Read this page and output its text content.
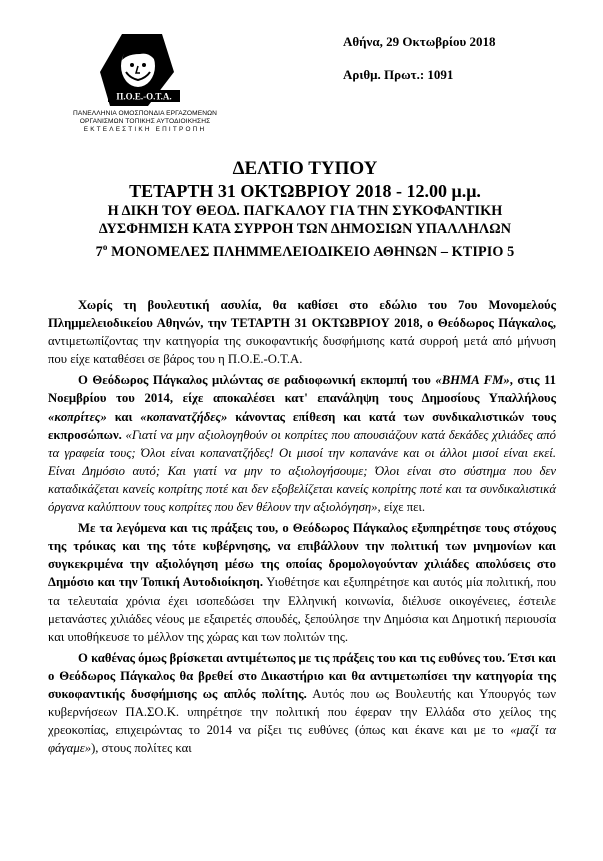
Π.Ο.Ε.-Ο.Τ.Α.
ΠΑΝΕΛΛΗΝΙΑ ΟΜΟΣΠΟΝΔΙΑ ΕΡΓΑΖΟΜΕΝΩΝ
ΟΡΓΑΝΙΣΜΩΝ ΤΟΠΙΚΗΣ ΑΥΤΟΔΙΟΙΚΗΣΗΣ
ΕΚΤΕΛΕΣΤΙΚΗ ΕΠΙΤΡΟΠΗ
Αθήνα, 29 Οκτωβρίου 2018
Αριθμ. Πρωτ.: 1091
ΔΕΛΤΙΟ ΤΥΠΟΥ
ΤΕΤΑΡΤΗ 31 ΟΚΤΩΒΡΙΟΥ 2018 - 12.00 μ.μ.
Η ΔΙΚΗ ΤΟΥ ΘΕΟΔ. ΠΑΓΚΑΛΟΥ ΓΙΑ ΤΗΝ ΣΥΚΟΦΑΝΤΙΚΗ
ΔΥΣΦΗΜΙΣΗ ΚΑΤΑ ΣΥΡΡΟΗ ΤΩΝ ΔΗΜΟΣΙΩΝ ΥΠΑΛΛΗΛΩΝ
$7^o$ ΜΟΝΟΜΕΛΕΣ ΠΛΗΜΜΕΛΕΙΟΔΙΚΕΙΟ ΑΘΗΝΩΝ – ΚΤΙΡΙΟ 5

Χωρίς τη βουλευτική ασυλία, θα καθίσει στο εδώλιο του 7ου Μονομελούς Πλημμελειοδικείου Αθηνών, την ΤΕΤΑΡΤΗ 31 ΟΚΤΩΒΡΙΟΥ 2018, ο Θεόδωρος Πάγκαλος, αντιμετωπίζοντας την κατηγορία της συκοφαντικής δυσφήμισης κατά συρροή μετά από μήνυση που είχε καταθέσει σε βάρος του η Π.Ο.Ε.-Ο.Τ.Α.

Ο Θεόδωρος Πάγκαλος μιλώντας σε ραδιοφωνική εκπομπή του «ΒΗΜΑ FM», στις 11 Νοεμβρίου του 2014, είχε αποκαλέσει κατ' επανάληψη τους Δημοσίους Υπαλλήλους «κοπρίτες» και «κοπανατζήδες» κάνοντας επίθεση και κατά των συνδικαλιστικών τους εκπροσώπων. «Γιατί να μην αξιολογηθούν οι κοπρίτες που απουσιάζουν κατά δεκάδες χιλιάδες από τα γραφεία τους; Όλοι είναι κοπανατζήδες! Οι μισοί την κοπανάνε και οι άλλοι μισοί είναι εκεί. Είναι Δημόσιο αυτό; Και γιατί να μην το αξιολογήσουμε; Όλοι είναι στο σύστημα που δεν καταδικάζεται κανείς κοπρίτης ποτέ και δεν εξοβελίζεται κανείς κοπρίτης ποτέ και τα συνδικαλιστικά όργανα καλύπτουν τους κοπρίτες που δεν θέλουν την αξιολόγηση», είχε πει.

Με τα λεγόμενα και τις πράξεις του, ο Θεόδωρος Πάγκαλος εξυπηρέτησε τους στόχους της τρόικας και της τότε κυβέρνησης, να επιβάλλουν την πολιτική των μνημονίων και συγκεκριμένα την αξιολόγηση μέσω της οποίας δρομολογούνταν χιλιάδες απολύσεις στο Δημόσιο και την Τοπική Αυτοδιοίκηση. Υιοθέτησε και εξυπηρέτησε και αυτός μία πολιτική, που τα τελευταία χρόνια έχει ισοπεδώσει την Ελληνική κοινωνία, διέλυσε οικογένειες, έστειλε μετανάστες χιλιάδες νέους με εξαιρετές σπουδές, ξεπούλησε την Δημόσια και Δημοτική περιουσία και υποθήκευσε το μέλλον της χώρας και των πολιτών της.

Ο καθένας όμως βρίσκεται αντιμέτωπος με τις πράξεις του και τις ευθύνες του. Έτσι και ο Θεόδωρος Πάγκαλος θα βρεθεί στο Δικαστήριο και θα αντιμετωπίσει την κατηγορία της συκοφαντικής δυσφήμισης ως απλός πολίτης. Αυτός που ως Βουλευτής και Υπουργός των κυβερνήσεων ΠΑ.ΣΟ.Κ. υπηρέτησε την πολιτική που έφεραν την Ελλάδα στο χείλος της χρεοκοπίας, επιχειρώντας το 2014 να ρίξει τις ευθύνες (όπως και έκανε και με το «μαζί τα φάγαμε»), στους πολίτες και
